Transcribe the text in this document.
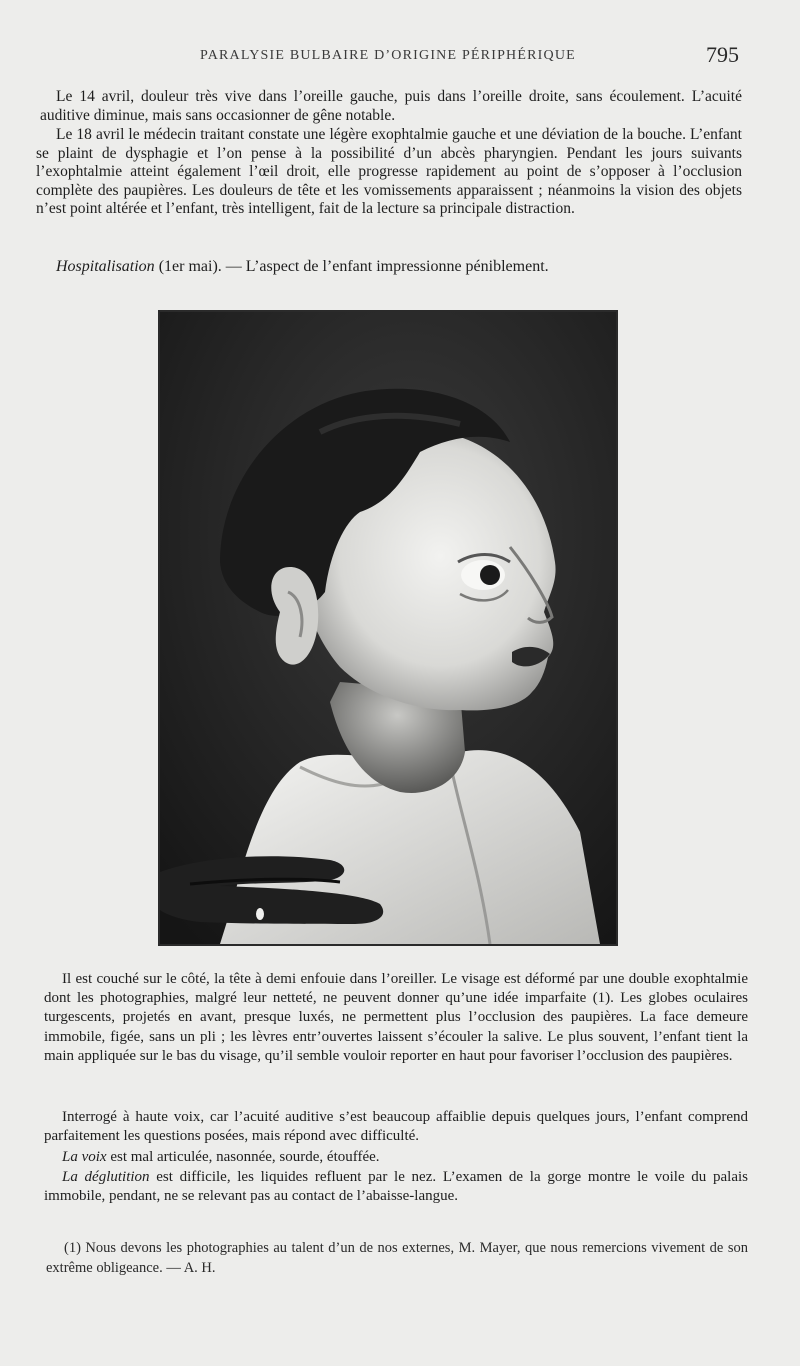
PARALYSIE BULBAIRE D’ORIGINE PÉRIPHÉRIQUE	795

Le 14 avril, douleur très vive dans l’oreille gauche, puis dans l’oreille droite, sans écoulement. L’acuité auditive diminue, mais sans occasionner de gêne notable.

Le 18 avril le médecin traitant constate une légère exophtalmie gauche et une déviation de la bouche. L’enfant se plaint de dysphagie et l’on pense à la possibilité d’un abcès pharyngien. Pendant les jours suivants l’exophtalmie atteint également l’œil droit, elle progresse rapidement au point de s’opposer à l’occlusion complète des paupières. Les douleurs de tête et les vomissements apparaissent ; néanmoins la vision des objets n’est point altérée et l’enfant, très intelligent, fait de la lecture sa principale distraction.

Hospitalisation (1er mai). — L’aspect de l’enfant impressionne péniblement.

Il est couché sur le côté, la tête à demi enfouie dans l’oreiller. Le visage est déformé par une double exophtalmie dont les photographies, malgré leur netteté, ne peuvent donner qu’une idée imparfaite (1). Les globes oculaires turgescents, projetés en avant, presque luxés, ne permettent plus l’occlusion des paupières. La face demeure immobile, figée, sans un pli ; les lèvres entr’ouvertes laissent s’écouler la salive. Le plus souvent, l’enfant tient la main appliquée sur le bas du visage, qu’il semble vouloir reporter en haut pour favoriser l’occlusion des paupières.

Interrogé à haute voix, car l’acuité auditive s’est beaucoup affaiblie depuis quelques jours, l’enfant comprend parfaitement les questions posées, mais répond avec difficulté.

La voix est mal articulée, nasonnée, sourde, étouffée.

La déglutition est difficile, les liquides refluent par le nez. L’examen de la gorge montre le voile du palais immobile, pendant, ne se relevant pas au contact de l’abaisse-langue.

(1) Nous devons les photographies au talent d’un de nos externes, M. Mayer, que nous remercions vivement de son extrême obligeance. — A. H.
